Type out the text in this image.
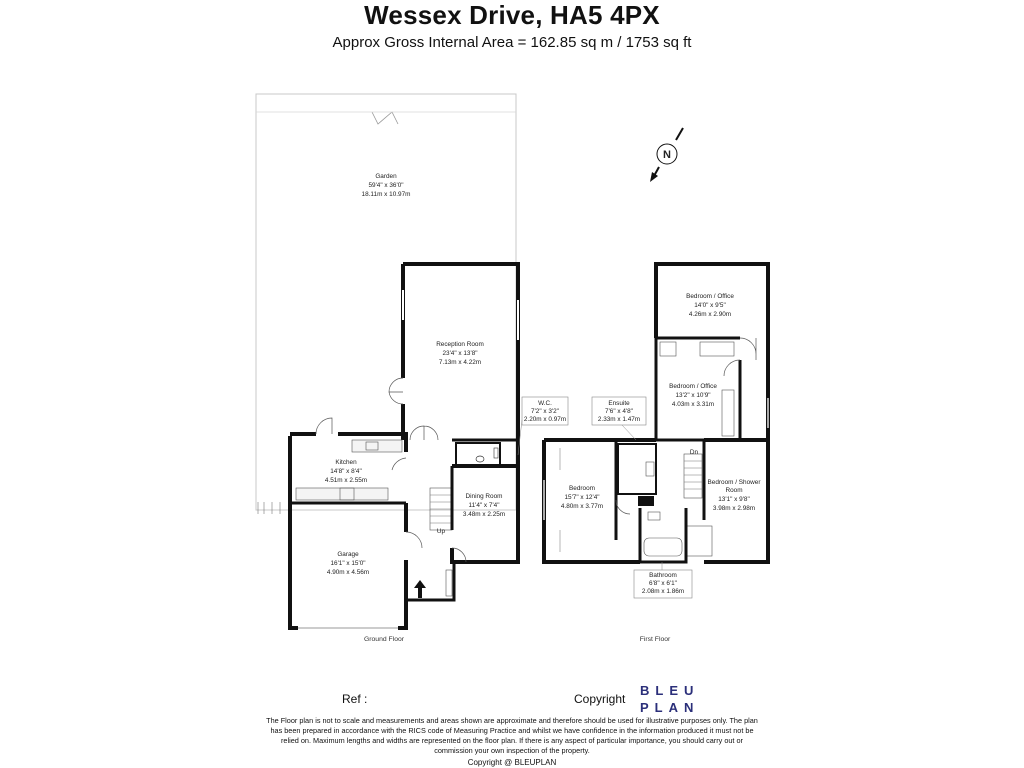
Wessex Drive, HA5 4PX
Approx Gross Internal Area = 162.85 sq m / 1753 sq ft
N
Garden
59'4" x 36'0"
18.11m x 10.97m
Reception Room
23'4" x 13'8"
7.13m x 4.22m
Kitchen
14'8" x 8'4"
4.51m x 2.55m
Dining Room
11'4" x 7'4"
3.48m x 2.25m
Garage
16'1" x 15'0"
4.90m x 4.56m
W.C.
7'2" x 3'2"
2.20m x 0.97m
Ensuite
7'6" x 4'8"
2.33m x 1.47m
Bedroom / Office
14'0" x 9'5"
4.26m x 2.90m
Bedroom / Office
13'2" x 10'9"
4.03m x 3.31m
Bedroom
15'7" x 12'4"
4.80m x 3.77m
Bedroom / Shower
Room
13'1" x 9'8"
3.98m x 2.98m
Bathroom
6'8" x 6'1"
2.08m x 1.86m
Up
Dn
Ground Floor	First Floor
Ref :	Copyright
BLEU
PLAN
The Floor plan is not to scale and measurements and areas shown are approximate and therefore should be used for illustrative purposes only. The plan has been prepared in accordance with the RICS code of Measuring Practice and whilst we have confidence in the information produced it must not be relied on. Maximum lengths and widths are represented on the floor plan. If there is any aspect of particular importance, you should carry out or commission your own inspection of the property.
Copyright @ BLEUPLAN
